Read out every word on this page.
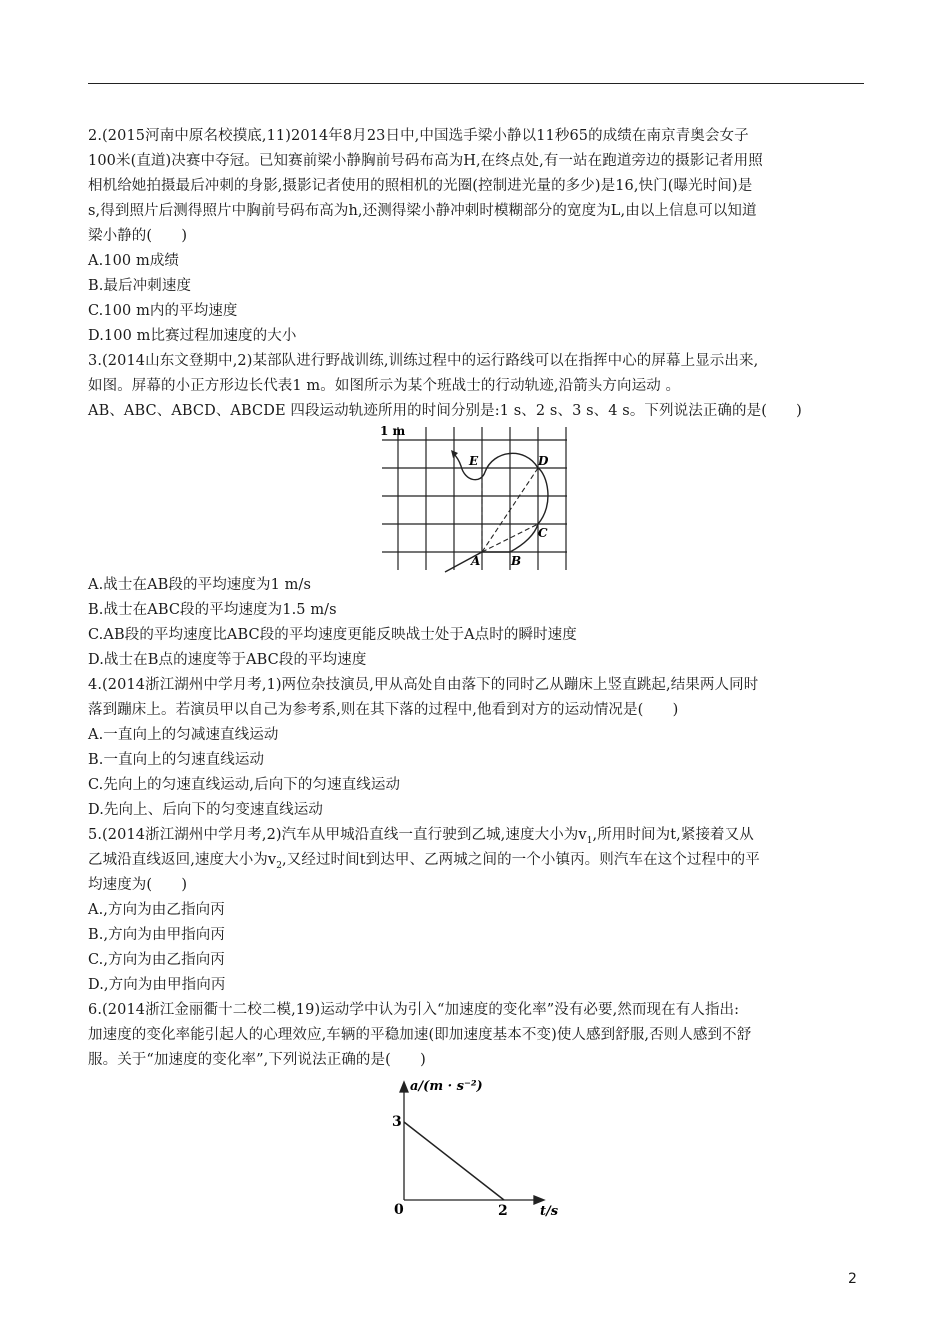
2.(2015河南中原名校摸底,11)2014年8月23日中,中国选手梁小静以11秒65的成绩在南京青奥会女子
100米(直道)决赛中夺冠。已知赛前梁小静胸前号码布高为H,在终点处,有一站在跑道旁边的摄影记者用照
相机给她拍摄最后冲刺的身影,摄影记者使用的照相机的光圈(控制进光量的多少)是16,快门(曝光时间)是
s,得到照片后测得照片中胸前号码布高为h,还测得梁小静冲刺时模糊部分的宽度为L,由以上信息可以知道
梁小静的(　　)
A.100 m成绩
B.最后冲刺速度
C.100 m内的平均速度
D.100 m比赛过程加速度的大小
3.(2014山东文登期中,2)某部队进行野战训练,训练过程中的运行路线可以在指挥中心的屏幕上显示出来,
如图。屏幕的小正方形边长代表1 m。如图所示为某个班战士的行动轨迹,沿箭头方向运动 。
AB、ABC、ABCD、ABCDE 四段运动轨迹所用的时间分别是:1 s、2 s、3 s、4 s。下列说法正确的是(　　)
1 m
A	B
C
D
E
A.战士在AB段的平均速度为1 m/s
B.战士在ABC段的平均速度为1.5 m/s
C.AB段的平均速度比ABC段的平均速度更能反映战士处于A点时的瞬时速度
D.战士在B点的速度等于ABC段的平均速度
4.(2014浙江湖州中学月考,1)两位杂技演员,甲从高处自由落下的同时乙从蹦床上竖直跳起,结果两人同时
落到蹦床上。若演员甲以自己为参考系,则在其下落的过程中,他看到对方的运动情况是(　　)
A.一直向上的匀减速直线运动
B.一直向上的匀速直线运动
C.先向上的匀速直线运动,后向下的匀速直线运动
D.先向上、后向下的匀变速直线运动
5.(2014浙江湖州中学月考,2)汽车从甲城沿直线一直行驶到乙城,速度大小为$v_1$,所用时间为t,紧接着又从
乙城沿直线返回,速度大小为$v_2$,又经过时间t到达甲、乙两城之间的一个小镇丙。则汽车在这个过程中的平
均速度为(　　)
A.,方向为由乙指向丙
B.,方向为由甲指向丙
C.,方向为由乙指向丙
D.,方向为由甲指向丙
6.(2014浙江金丽衢十二校二模,19)运动学中认为引入“加速度的变化率”没有必要,然而现在有人指出:
加速度的变化率能引起人的心理效应,车辆的平稳加速(即加速度基本不变)使人感到舒服,否则人感到不舒
服。关于“加速度的变化率”,下列说法正确的是(　　)
a/(m · s⁻²)
t/s
0
3
2
2
